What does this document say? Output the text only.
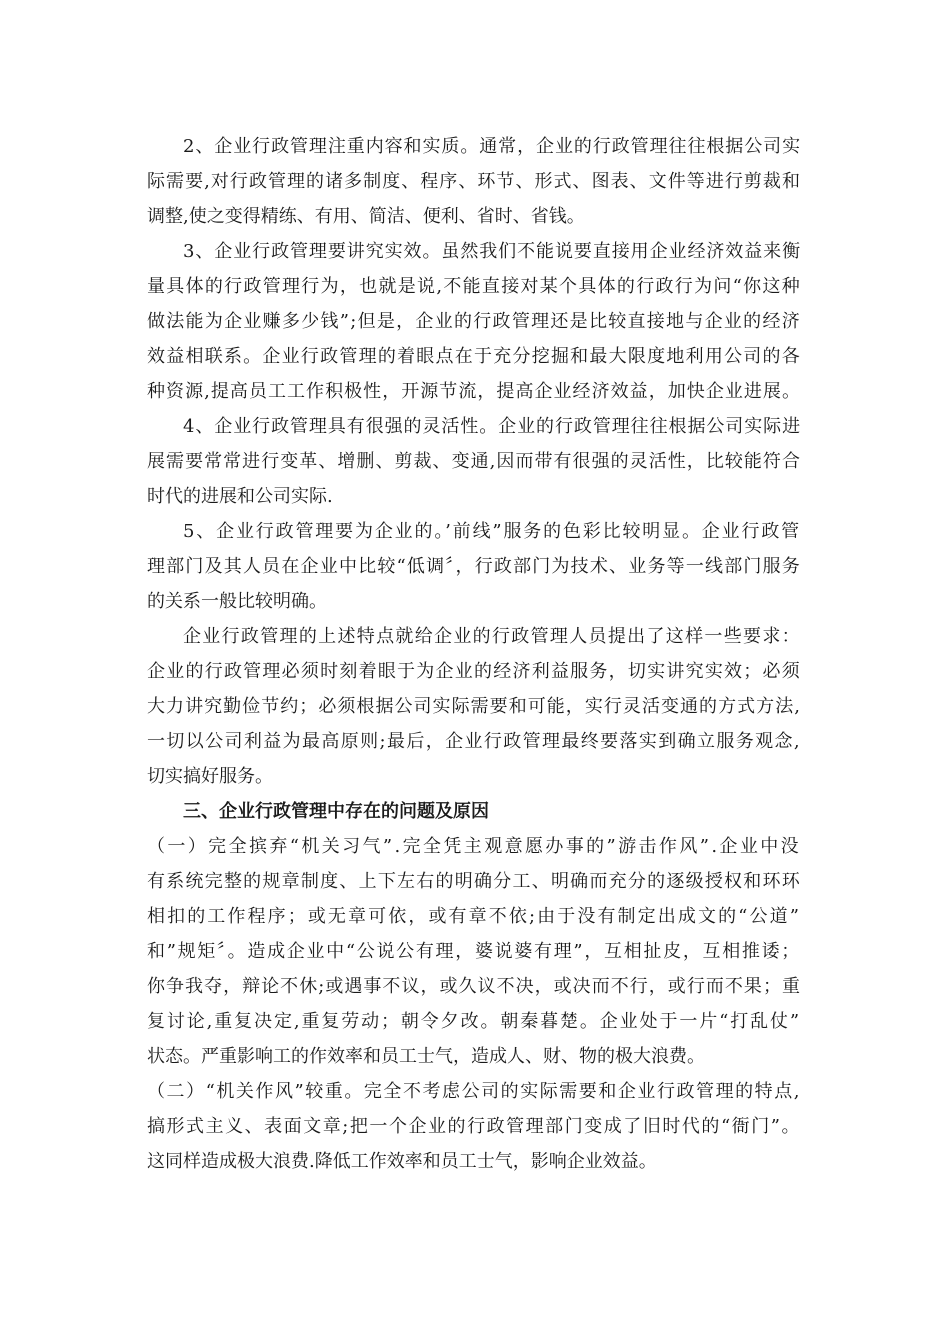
2、企业行政管理注重内容和实质。通常，企业的行政管理往往根据公司实
际需要,对行政管理的诸多制度、程序、环节、形式、图表、文件等进行剪裁和
调整,使之变得精练、有用、简洁、便利、省时、省钱。
3、企业行政管理要讲究实效。虽然我们不能说要直接用企业经济效益来衡
量具体的行政管理行为，也就是说,不能直接对某个具体的行政行为问“你这种
做法能为企业赚多少钱”;但是，企业的行政管理还是比较直接地与企业的经济
效益相联系。企业行政管理的着眼点在于充分挖掘和最大限度地利用公司的各
种资源,提高员工工作积极性，开源节流，提高企业经济效益，加快企业进展。
4、企业行政管理具有很强的灵活性。企业的行政管理往往根据公司实际进
展需要常常进行变革、增删、剪裁、变通,因而带有很强的灵活性，比较能符合
时代的进展和公司实际.
5、企业行政管理要为企业的。’前线”服务的色彩比较明显。企业行政管
理部门及其人员在企业中比较“低调〞，行政部门为技术、业务等一线部门服务
的关系一般比较明确。
企业行政管理的上述特点就给企业的行政管理人员提出了这样一些要求：
企业的行政管理必须时刻着眼于为企业的经济利益服务，切实讲究实效；必须
大力讲究勤俭节约；必须根据公司实际需要和可能，实行灵活变通的方式方法,
一切以公司利益为最高原则;最后，企业行政管理最终要落实到确立服务观念,
切实搞好服务。
三、企业行政管理中存在的问题及原因
（一）完全摈弃“机关习气”.完全凭主观意愿办事的”游击作风”.企业中没
有系统完整的规章制度、上下左右的明确分工、明确而充分的逐级授权和环环
相扣的工作程序；或无章可依，或有章不依;由于没有制定出成文的“公道”
和”规矩〞。造成企业中“公说公有理，婆说婆有理”，互相扯皮，互相推诿；
你争我夺，辩论不休;或遇事不议，或久议不决，或决而不行，或行而不果；重
复讨论,重复决定,重复劳动；朝令夕改。朝秦暮楚。企业处于一片“打乱仗”
状态。严重影响工的作效率和员工士气，造成人、财、物的极大浪费。
（二）“机关作风”较重。完全不考虑公司的实际需要和企业行政管理的特点,
搞形式主义、表面文章;把一个企业的行政管理部门变成了旧时代的“衙门”。
这同样造成极大浪费.降低工作效率和员工士气，影响企业效益。
